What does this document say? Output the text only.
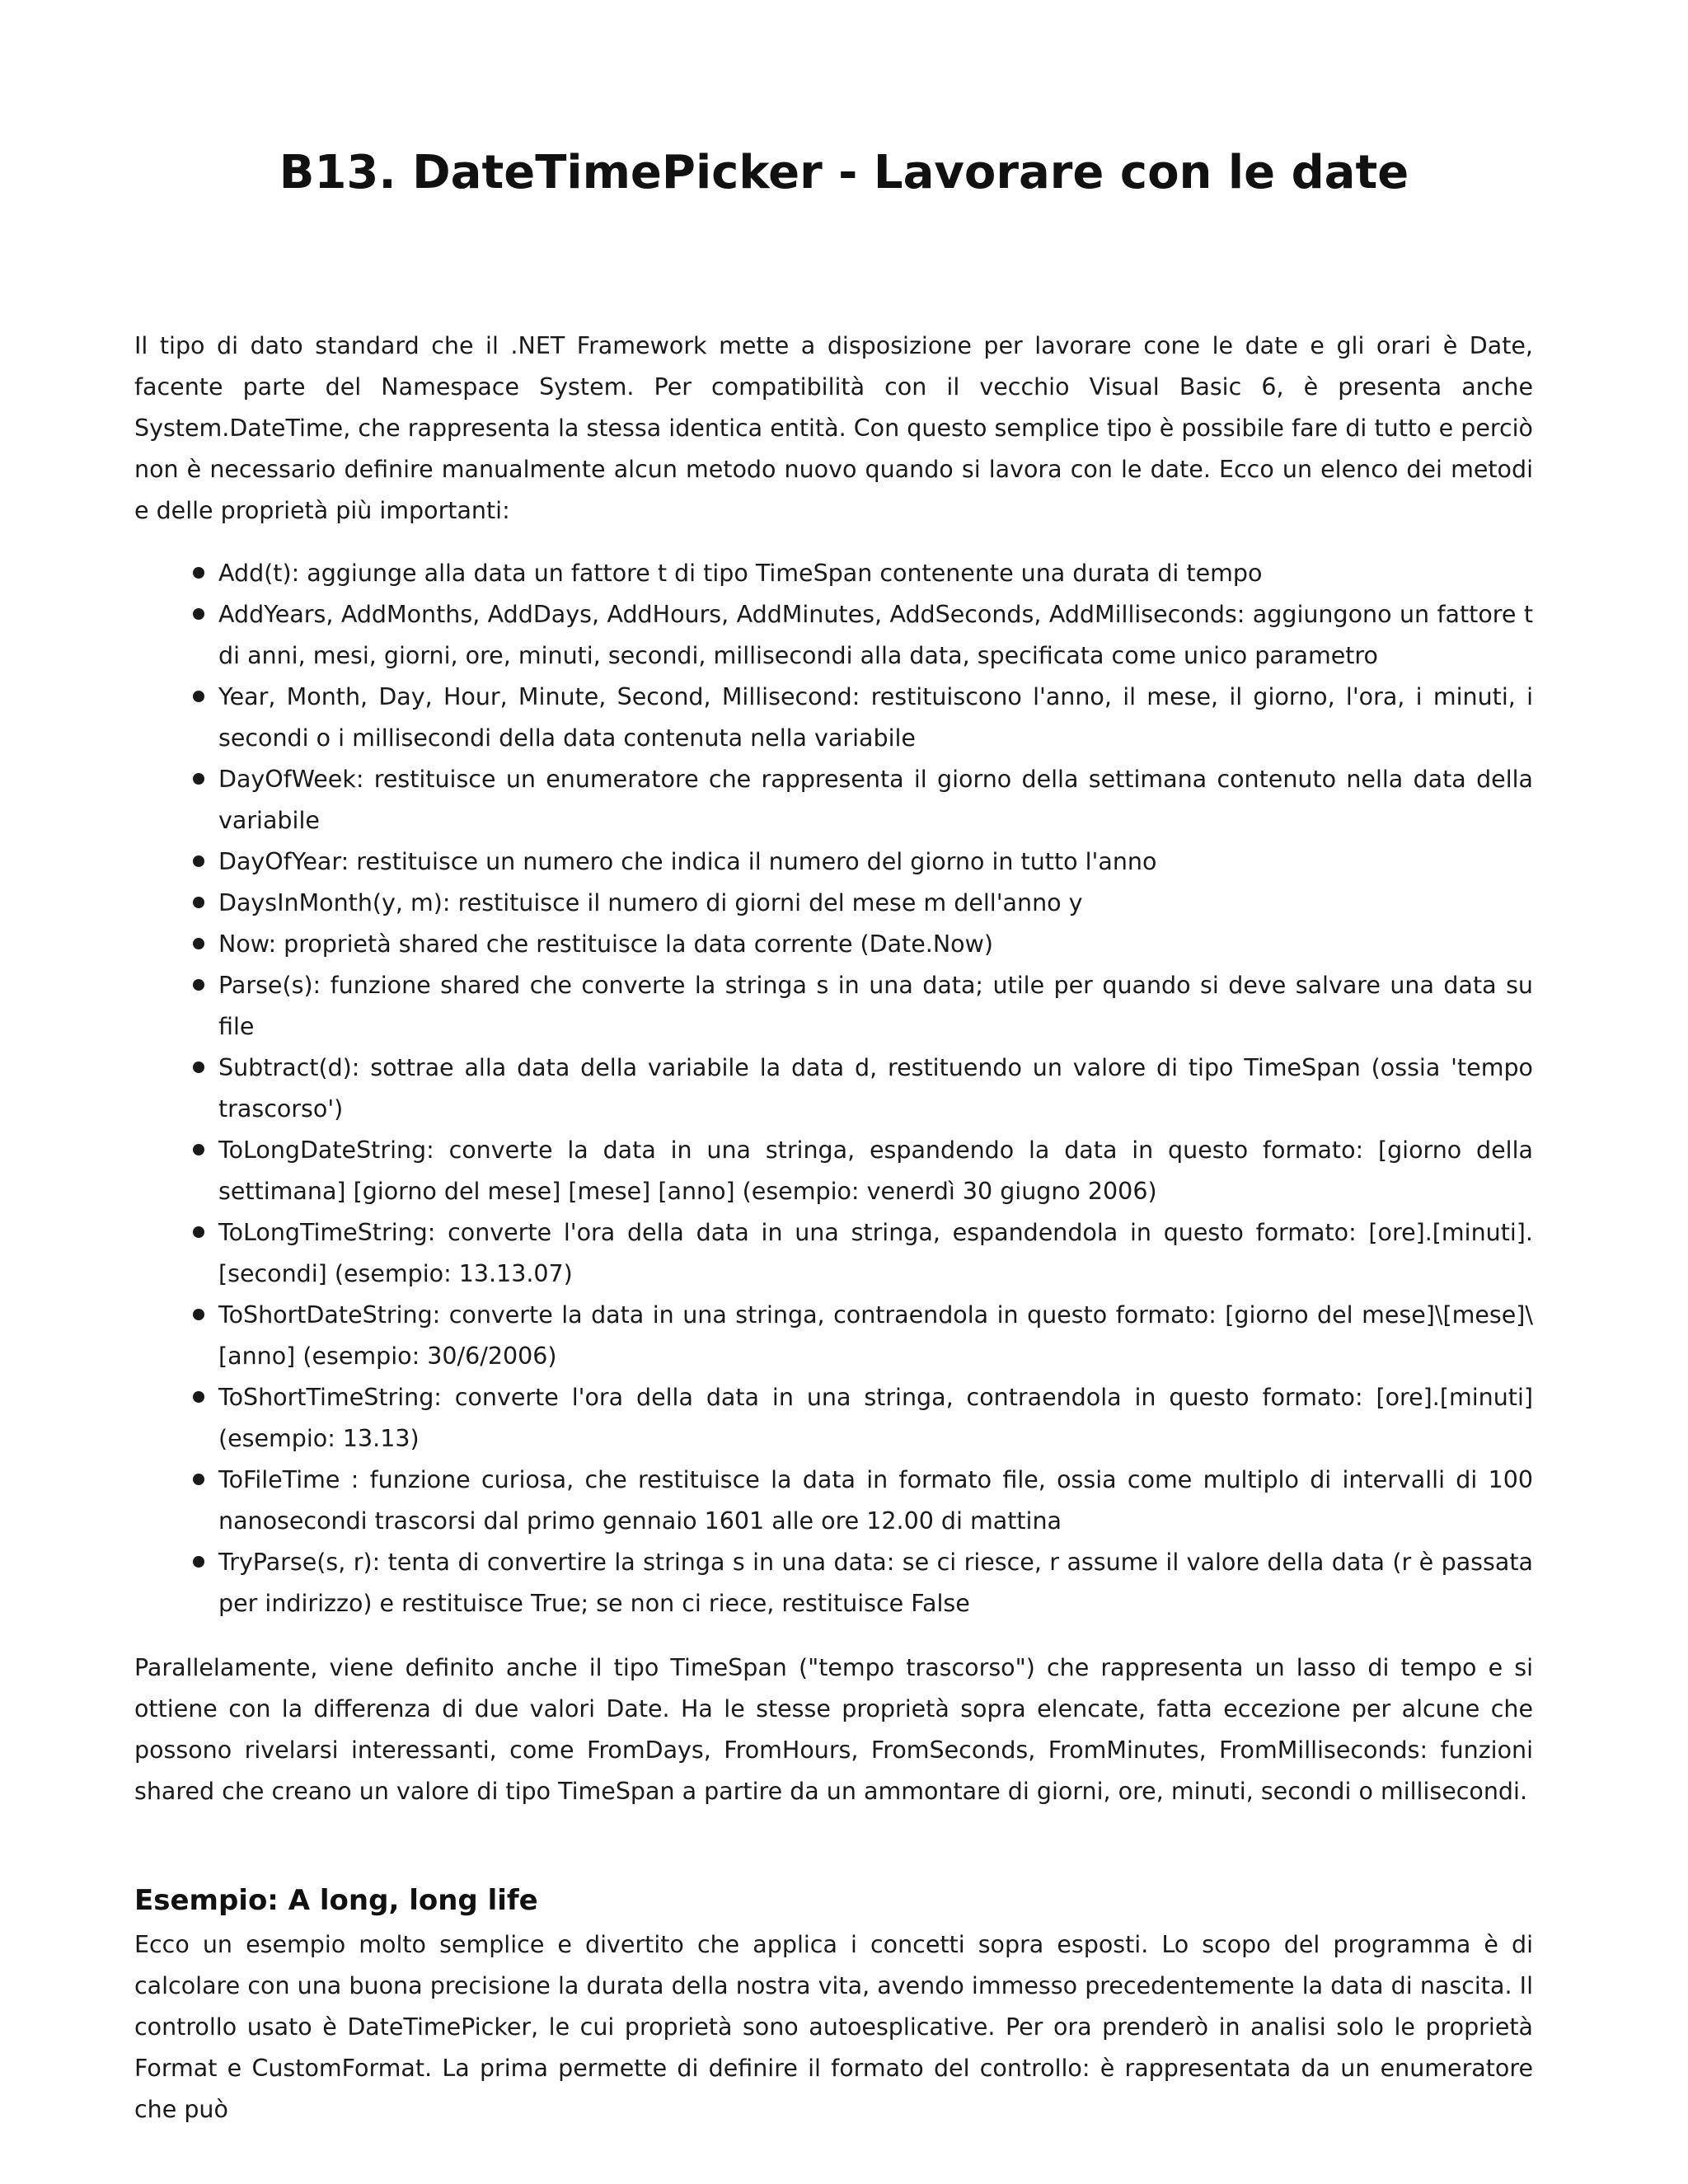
B13. DateTimePicker - Lavorare con le date

Il tipo di dato standard che il .NET Framework mette a disposizione per lavorare cone le date e gli orari è Date, facente parte del Namespace System. Per compatibilità con il vecchio Visual Basic 6, è presenta anche System.DateTime, che rappresenta la stessa identica entità. Con questo semplice tipo è possibile fare di tutto e perciò non è necessario definire manualmente alcun metodo nuovo quando si lavora con le date. Ecco un elenco dei metodi e delle proprietà più importanti:

Add(t): aggiunge alla data un fattore t di tipo TimeSpan contenente una durata di tempo
AddYears, AddMonths, AddDays, AddHours, AddMinutes, AddSeconds, AddMilliseconds: aggiungono un fattore t di anni, mesi, giorni, ore, minuti, secondi, millisecondi alla data, specificata come unico parametro
Year, Month, Day, Hour, Minute, Second, Millisecond: restituiscono l'anno, il mese, il giorno, l'ora, i minuti, i secondi o i millisecondi della data contenuta nella variabile
DayOfWeek: restituisce un enumeratore che rappresenta il giorno della settimana contenuto nella data della variabile
DayOfYear: restituisce un numero che indica il numero del giorno in tutto l'anno
DaysInMonth(y, m): restituisce il numero di giorni del mese m dell'anno y
Now: proprietà shared che restituisce la data corrente (Date.Now)
Parse(s): funzione shared che converte la stringa s in una data; utile per quando si deve salvare una data su file
Subtract(d): sottrae alla data della variabile la data d, restituendo un valore di tipo TimeSpan (ossia 'tempo trascorso')
ToLongDateString: converte la data in una stringa, espandendo la data in questo formato: [giorno della settimana] [giorno del mese] [mese] [anno] (esempio: venerdì 30 giugno 2006)
ToLongTimeString: converte l'ora della data in una stringa, espandendola in questo formato: [ore].[minuti].[secondi] (esempio: 13.13.07)
ToShortDateString: converte la data in una stringa, contraendola in questo formato: [giorno del mese]\[mese]\[anno] (esempio: 30/6/2006)
ToShortTimeString: converte l'ora della data in una stringa, contraendola in questo formato: [ore].[minuti] (esempio: 13.13)
ToFileTime : funzione curiosa, che restituisce la data in formato file, ossia come multiplo di intervalli di 100 nanosecondi trascorsi dal primo gennaio 1601 alle ore 12.00 di mattina
TryParse(s, r): tenta di convertire la stringa s in una data: se ci riesce, r assume il valore della data (r è passata per indirizzo) e restituisce True; se non ci riece, restituisce False

Parallelamente, viene definito anche il tipo TimeSpan ("tempo trascorso") che rappresenta un lasso di tempo e si ottiene con la differenza di due valori Date. Ha le stesse proprietà sopra elencate, fatta eccezione per alcune che possono rivelarsi interessanti, come FromDays, FromHours, FromSeconds, FromMinutes, FromMilliseconds: funzioni shared che creano un valore di tipo TimeSpan a partire da un ammontare di giorni, ore, minuti, secondi o millisecondi.

Esempio: A long, long life

Ecco un esempio molto semplice e divertito che applica i concetti sopra esposti. Lo scopo del programma è di calcolare con una buona precisione la durata della nostra vita, avendo immesso precedentemente la data di nascita. Il controllo usato è DateTimePicker, le cui proprietà sono autoesplicative. Per ora prenderò in analisi solo le proprietà Format e CustomFormat. La prima permette di definire il formato del controllo: è rappresentata da un enumeratore che può
